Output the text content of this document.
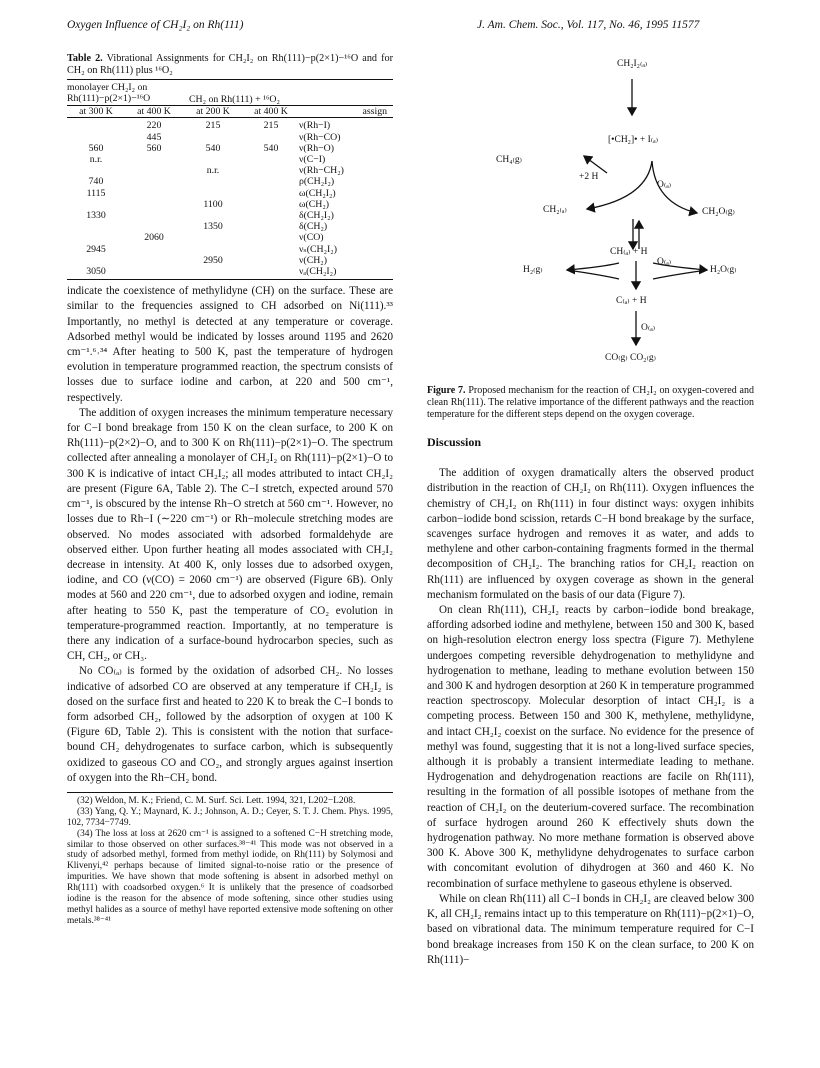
Oxygen Influence of CH₂I₂ on Rh(111)	J. Am. Chem. Soc., Vol. 117, No. 46, 1995 11577
Table 2. Vibrational Assignments for CH₂I₂ on Rh(111)−p(2×1)−¹⁶O and for CH₂ on Rh(111) plus ¹⁶O₂
monolayer CH₂I₂ on Rh(111)−p(2×1)−¹⁶O		CH₂ on Rh(111) + ¹⁶O₂		
at 300 K	at 400 K	at 200 K	at 400 K	assign
	220	215	215	ν(Rh−I)
	445			ν(Rh−CO)
560	560	540	540	ν(Rh−O)
n.r.				ν(C−I)
		n.r.		ν(Rh−CH₂)
740				ρ(CH₂I₂)
1115				ω(CH₂I₂)
		1100		ω(CH₂)
1330				δ(CH₂I₂)
		1350		δ(CH₂)
	2060			ν(CO)
2945				νₛ(CH₂I₂)
		2950		ν(CH₂)
3050				νₐ(CH₂I₂)

indicate the coexistence of methylidyne (CH) on the surface. These are similar to the frequencies assigned to CH adsorbed on Ni(111).³³ Importantly, no methyl is detected at any temperature or coverage. Adsorbed methyl would be indicated by losses around 1195 and 2620 cm⁻¹.⁶˒³⁴ After heating to 500 K, past the temperature of hydrogen evolution in temperature programmed reaction, the spectrum consists of losses due to surface iodine and carbon, at 220 and 500 cm⁻¹, respectively.

The addition of oxygen increases the minimum temperature necessary for C−I bond breakage from 150 K on the clean surface, to 200 K on Rh(111)−p(2×2)−O, and to 300 K on Rh(111)−p(2×1)−O. The spectrum collected after annealing a monolayer of CH₂I₂ on Rh(111)−p(2×1)−O to 300 K is indicative of intact CH₂I₂; all modes attributed to intact CH₂I₂ are present (Figure 6A, Table 2). The C−I stretch, expected around 570 cm⁻¹, is obscured by the intense Rh−O stretch at 560 cm⁻¹. However, no losses due to Rh−I (∼220 cm⁻¹) or Rh−molecule stretching modes are observed. No modes associated with adsorbed formaldehyde are observed either. Upon further heating all modes associated with CH₂I₂ decrease in intensity. At 400 K, only losses due to adsorbed oxygen, iodine, and CO (ν(CO) = 2060 cm⁻¹) are observed (Figure 6B). Only modes at 560 and 220 cm⁻¹, due to adsorbed oxygen and iodine, remain after heating to 550 K, past the temperature of CO₂ evolution in temperature-programmed reaction. Importantly, at no temperature is there any indication of a surface-bound hydrocarbon species, such as CH, CH₂, or CH₃.

No CO₍ₐ₎ is formed by the oxidation of adsorbed CH₂. No losses indicative of adsorbed CO are observed at any temperature if CH₂I₂ is dosed on the surface first and heated to 220 K to break the C−I bonds to form adsorbed CH₂, followed by the adsorption of oxygen at 100 K (Figure 6D, Table 2). This is consistent with the notion that surface-bound CH₂ dehydrogenates to surface carbon, which is subsequently oxidized to gaseous CO and CO₂, and strongly argues against insertion of oxygen into the Rh−CH₂ bond.

(32) Weldon, M. K.; Friend, C. M. Surf. Sci. Lett. 1994, 321, L202−L208.
(33) Yang, Q. Y.; Maynard, K. J.; Johnson, A. D.; Ceyer, S. T. J. Chem. Phys. 1995, 102, 7734−7749.
(34) The loss at loss at 2620 cm⁻¹ is assigned to a softened C−H stretching mode, similar to those observed on other surfaces.³⁸⁻⁴¹ This mode was not observed in a study of adsorbed methyl, formed from methyl iodide, on Rh(111) by Solymosi and Klivenyi,⁴² perhaps because of limited signal-to-noise ratio or the presence of impurities. We have shown that mode softening is absent in adsorbed methyl on Rh(111) with coadsorbed oxygen.⁶ It is unlikely that the presence of coadsorbed iodine is the reason for the absence of mode softening, since other studies using methyl halides as a source of methyl have reported extensive mode softening on other metals.³⁸⁻⁴¹
CH₂I₂₍ₐ₎
[•CH₂]• + I₍ₐ₎
CH₄₍g₎
+2 H
O₍ₐ₎
CH₂₍ₐ₎	CH₂O₍g₎
CH₍ₐ₎ + H
H₂₍g₎
O₍ₐ₎
H₂O₍g₎
C₍ₐ₎ + H
O₍ₐ₎
CO₍g₎ CO₂₍g₎
Figure 7. Proposed mechanism for the reaction of CH₂I₂ on oxygen-covered and clean Rh(111). The relative importance of the different pathways and the reaction temperature for the different steps depend on the oxygen coverage.
Discussion

The addition of oxygen dramatically alters the observed product distribution in the reaction of CH₂I₂ on Rh(111). Oxygen influences the chemistry of CH₂I₂ on Rh(111) in four distinct ways: oxygen inhibits carbon−iodide bond scission, retards C−H bond breakage by the surface, scavenges surface hydrogen and removes it as water, and adds to methylene and other carbon-containing fragments formed in the thermal decomposition of CH₂I₂. The branching ratios for CH₂I₂ reaction on Rh(111) are influenced by oxygen coverage as shown in the general mechanism formulated on the basis of our data (Figure 7).

On clean Rh(111), CH₂I₂ reacts by carbon−iodide bond breakage, affording adsorbed iodine and methylene, between 150 and 300 K, based on high-resolution electron energy loss spectra (Figure 7). Methylene undergoes competing reversible dehydrogenation to methylidyne and hydrogenation to methane, leading to methane evolution between 150 and 300 K and hydrogen desorption at 260 K in temperature programmed reaction spectroscopy. Molecular desorption of intact CH₂I₂ is a competing process. Between 150 and 300 K, methylene, methylidyne, and intact CH₂I₂ coexist on the surface. No evidence for the presence of methyl was found, suggesting that it is not a long-lived surface species, although it is probably a transient intermediate leading to methane. Hydrogenation and dehydrogenation reactions are facile on Rh(111), resulting in the formation of all possible isotopes of methane from the reaction of CH₂I₂ on the deuterium-covered surface. The recombination of surface hydrogen around 260 K effectively shuts down the hydrogenation pathway. No more methane formation is observed above 300 K. Above 300 K, methylidyne dehydrogenates to surface carbon with concomitant evolution of dihydrogen at 360 and 460 K. No recombination of surface methylene to gaseous ethylene is observed.

While on clean Rh(111) all C−I bonds in CH₂I₂ are cleaved below 300 K, all CH₂I₂ remains intact up to this temperature on Rh(111)−p(2×1)−O, based on vibrational data. The minimum temperature required for C−I bond breakage increases from 150 K on the clean surface, to 200 K on Rh(111)−
